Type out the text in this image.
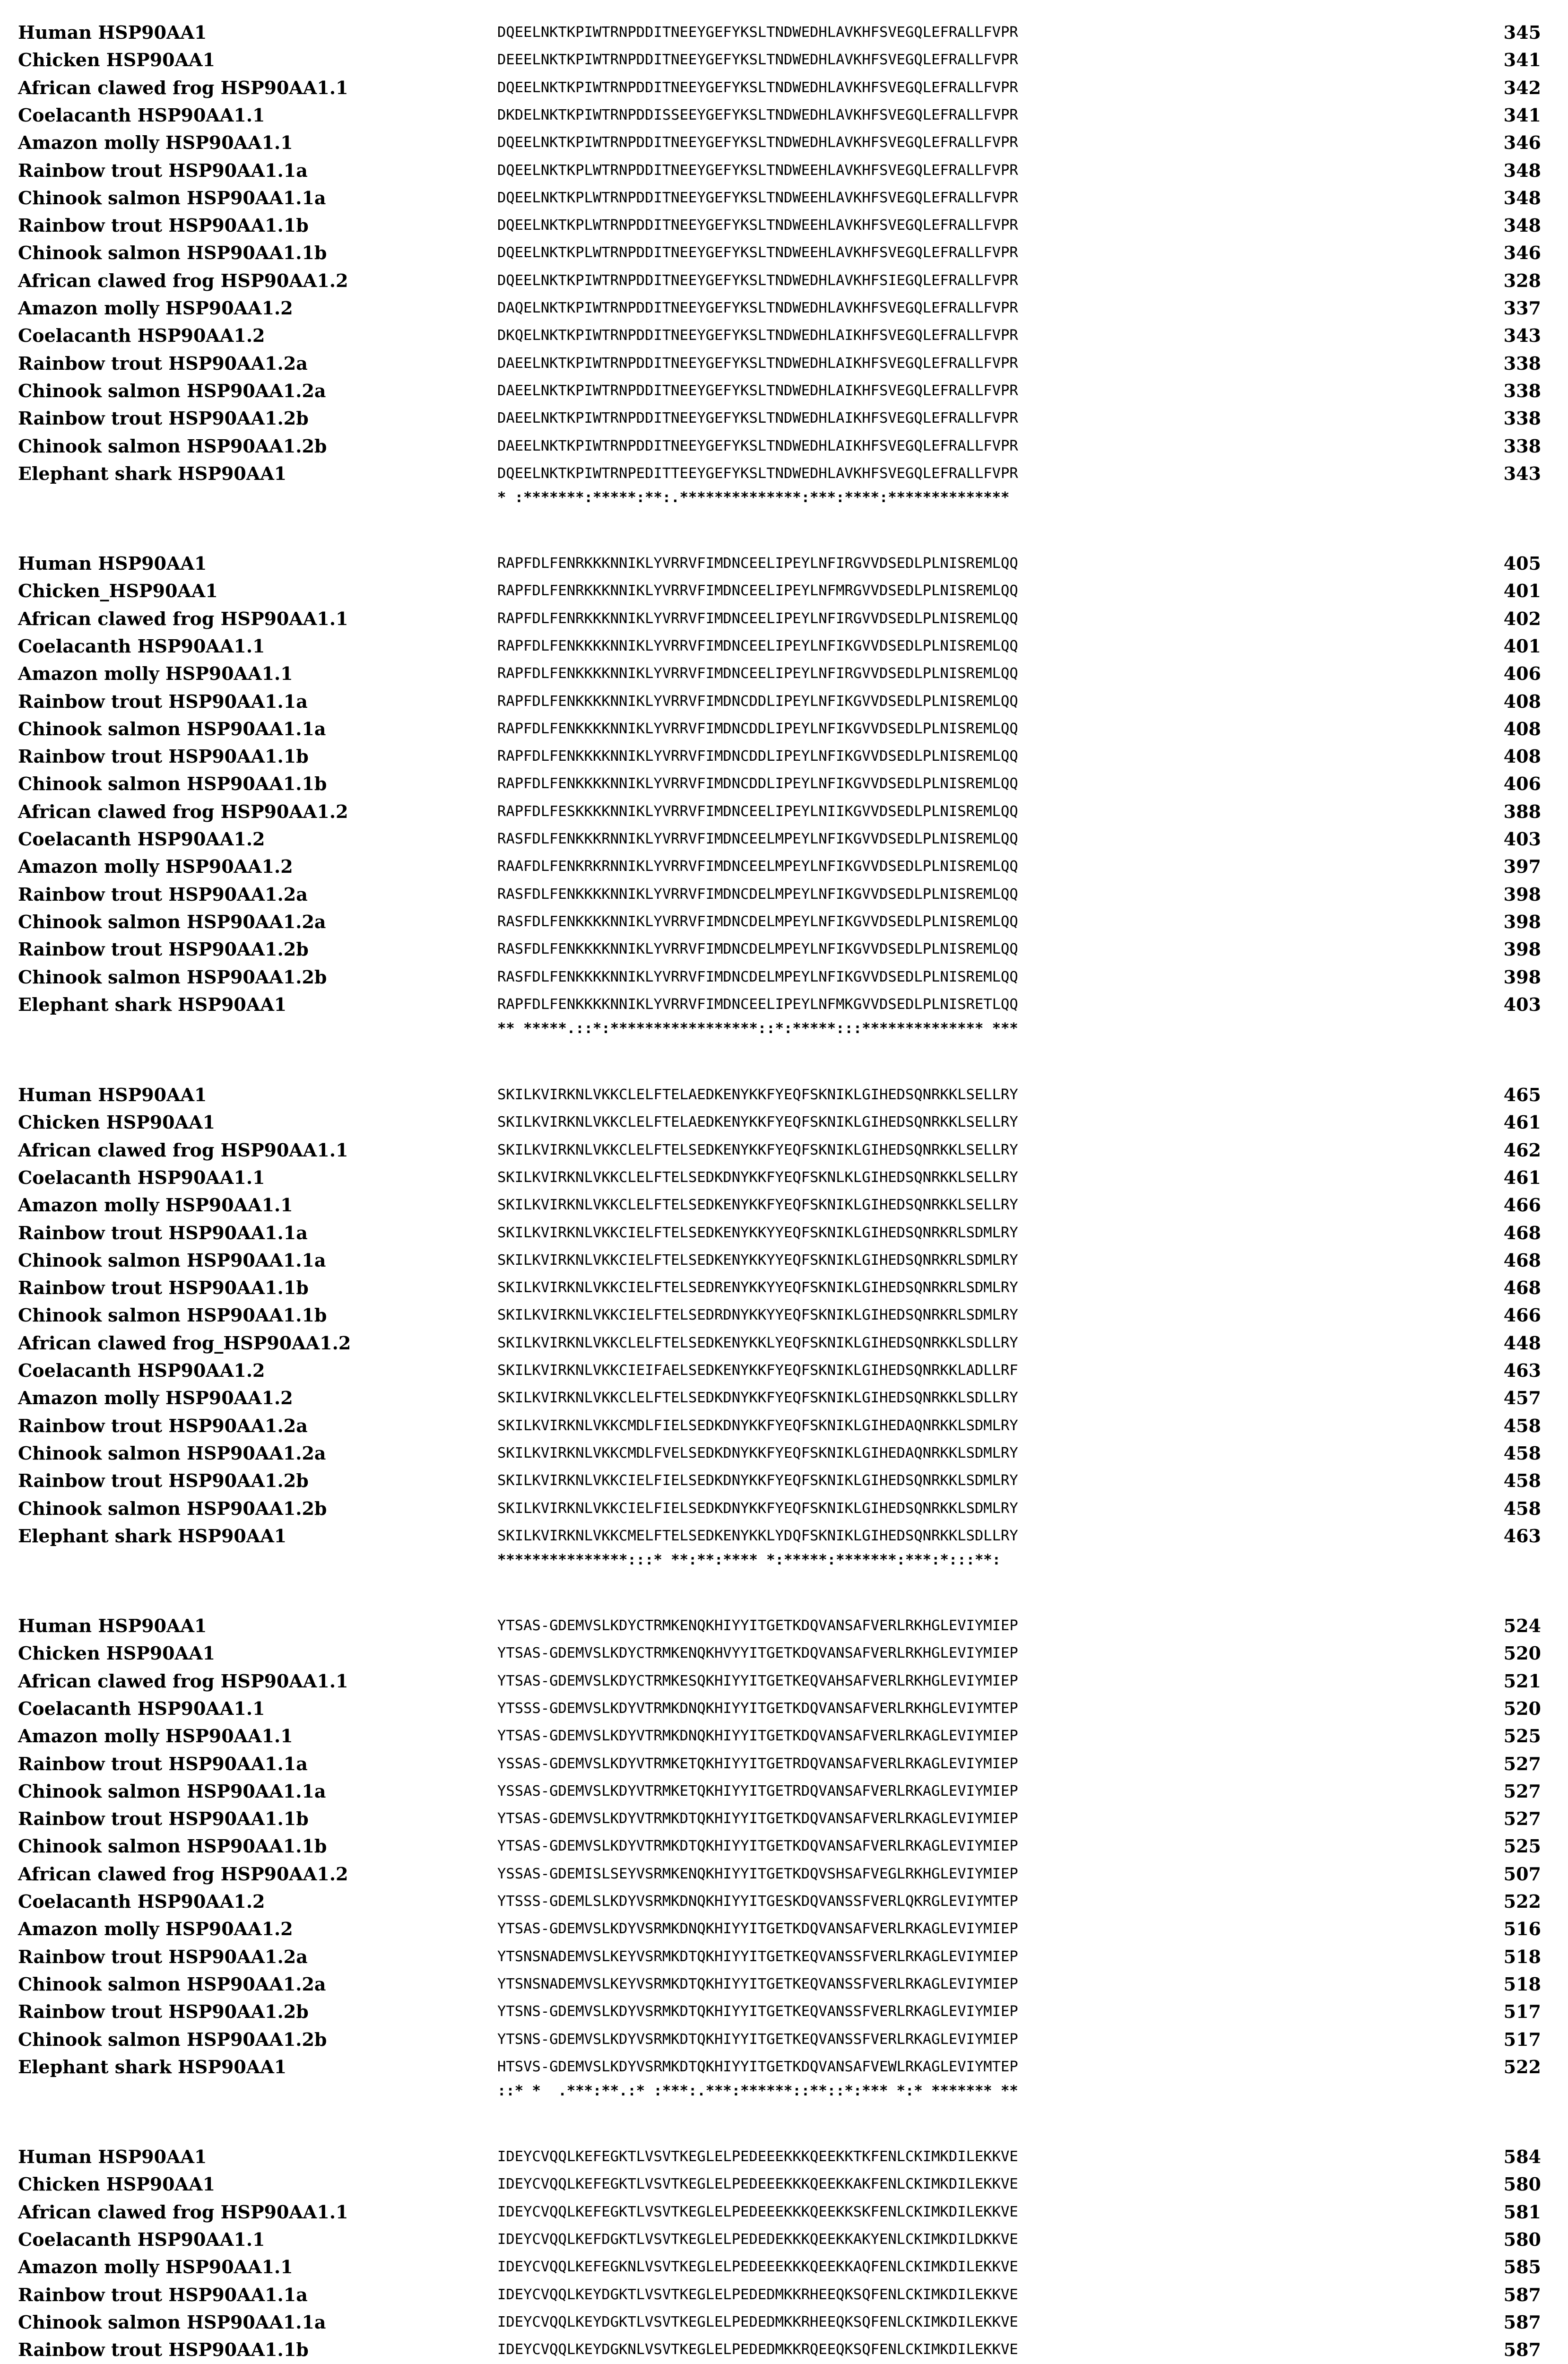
Human HSP90AA1	DQEELNKTKPIWTRNPDDITNEEYGEFYKSLTNDWEDHLAVKHFSVEGQLEFRALLFVPR	345
Chicken HSP90AA1	DEEELNKTKPIWTRNPDDITNEEYGEFYKSLTNDWEDHLAVKHFSVEGQLEFRALLFVPR	341
African clawed frog HSP90AA1.1	DQEELNKTKPIWTRNPDDITNEEYGEFYKSLTNDWEDHLAVKHFSVEGQLEFRALLFVPR	342
Coelacanth HSP90AA1.1	DKDELNKTKPIWTRNPDDISSEEYGEFYKSLTNDWEDHLAVKHFSVEGQLEFRALLFVPR	341
Amazon molly HSP90AA1.1	DQEELNKTKPIWTRNPDDITNEEYGEFYKSLTNDWEDHLAVKHFSVEGQLEFRALLFVPR	346
Rainbow trout HSP90AA1.1a	DQEELNKTKPLWTRNPDDITNEEYGEFYKSLTNDWEEHLAVKHFSVEGQLEFRALLFVPR	348
Chinook salmon HSP90AA1.1a	DQEELNKTKPLWTRNPDDITNEEYGEFYKSLTNDWEEHLAVKHFSVEGQLEFRALLFVPR	348
Rainbow trout HSP90AA1.1b	DQEELNKTKPLWTRNPDDITNEEYGEFYKSLTNDWEEHLAVKHFSVEGQLEFRALLFVPR	348
Chinook salmon HSP90AA1.1b	DQEELNKTKPLWTRNPDDITNEEYGEFYKSLTNDWEEHLAVKHFSVEGQLEFRALLFVPR	346
African clawed frog HSP90AA1.2	DQEELNKTKPIWTRNPDDITNEEYGEFYKSLTNDWEDHLAVKHFSIEGQLEFRALLFVPR	328
Amazon molly HSP90AA1.2	DAQELNKTKPIWTRNPDDITNEEYGEFYKSLTNDWEDHLAVKHFSVEGQLEFRALLFVPR	337
Coelacanth HSP90AA1.2	DKQELNKTKPIWTRNPDDITNEEYGEFYKSLTNDWEDHLAIKHFSVEGQLEFRALLFVPR	343
Rainbow trout HSP90AA1.2a	DAEELNKTKPIWTRNPDDITNEEYGEFYKSLTNDWEDHLAIKHFSVEGQLEFRALLFVPR	338
Chinook salmon HSP90AA1.2a	DAEELNKTKPIWTRNPDDITNEEYGEFYKSLTNDWEDHLAIKHFSVEGQLEFRALLFVPR	338
Rainbow trout HSP90AA1.2b	DAEELNKTKPIWTRNPDDITNEEYGEFYKSLTNDWEDHLAIKHFSVEGQLEFRALLFVPR	338
Chinook salmon HSP90AA1.2b	DAEELNKTKPIWTRNPDDITNEEYGEFYKSLTNDWEDHLAIKHFSVEGQLEFRALLFVPR	338
Elephant shark HSP90AA1	DQEELNKTKPIWTRNPEDITTEEYGEFYKSLTNDWEDHLAVKHFSVEGQLEFRALLFVPR	343
* :*******:*****:**:.**************:***:****:**************
Human HSP90AA1	RAPFDLFENRKKKNNIKLYVRRVFIMDNCEELIPEYLNFIRGVVDSEDLPLNISREMLQQ	405
Chicken_HSP90AA1	RAPFDLFENRKKKNNIKLYVRRVFIMDNCEELIPEYLNFMRGVVDSEDLPLNISREMLQQ	401
African clawed frog HSP90AA1.1	RAPFDLFENRKKKNNIKLYVRRVFIMDNCEELIPEYLNFIRGVVDSEDLPLNISREMLQQ	402
Coelacanth HSP90AA1.1	RAPFDLFENKKKKNNIKLYVRRVFIMDNCEELIPEYLNFIKGVVDSEDLPLNISREMLQQ	401
Amazon molly HSP90AA1.1	RAPFDLFENKKKKNNIKLYVRRVFIMDNCEELIPEYLNFIRGVVDSEDLPLNISREMLQQ	406
Rainbow trout HSP90AA1.1a	RAPFDLFENKKKKNNIKLYVRRVFIMDNCDDLIPEYLNFIKGVVDSEDLPLNISREMLQQ	408
Chinook salmon HSP90AA1.1a	RAPFDLFENKKKKNNIKLYVRRVFIMDNCDDLIPEYLNFIKGVVDSEDLPLNISREMLQQ	408
Rainbow trout HSP90AA1.1b	RAPFDLFENKKKKNNIKLYVRRVFIMDNCDDLIPEYLNFIKGVVDSEDLPLNISREMLQQ	408
Chinook salmon HSP90AA1.1b	RAPFDLFENKKKKNNIKLYVRRVFIMDNCDDLIPEYLNFIKGVVDSEDLPLNISREMLQQ	406
African clawed frog HSP90AA1.2	RAPFDLFESKKKKNNIKLYVRRVFIMDNCEELIPEYLNIIKGVVDSEDLPLNISREMLQQ	388
Coelacanth HSP90AA1.2	RASFDLFENKKKRNNIKLYVRRVFIMDNCEELMPEYLNFIKGVVDSEDLPLNISREMLQQ	403
Amazon molly HSP90AA1.2	RAAFDLFENKRKRNNIKLYVRRVFIMDNCEELMPEYLNFIKGVVDSEDLPLNISREMLQQ	397
Rainbow trout HSP90AA1.2a	RASFDLFENKKKKNNIKLYVRRVFIMDNCDELMPEYLNFIKGVVDSEDLPLNISREMLQQ	398
Chinook salmon HSP90AA1.2a	RASFDLFENKKKKNNIKLYVRRVFIMDNCDELMPEYLNFIKGVVDSEDLPLNISREMLQQ	398
Rainbow trout HSP90AA1.2b	RASFDLFENKKKKNNIKLYVRRVFIMDNCDELMPEYLNFIKGVVDSEDLPLNISREMLQQ	398
Chinook salmon HSP90AA1.2b	RASFDLFENKKKKNNIKLYVRRVFIMDNCDELMPEYLNFIKGVVDSEDLPLNISREMLQQ	398
Elephant shark HSP90AA1	RAPFDLFENKKKKNNIKLYVRRVFIMDNCEELIPEYLNFMKGVVDSEDLPLNISRETLQQ	403
** *****.::*:*****************::*:*****:::************** ***
Human HSP90AA1	SKILKVIRKNLVKKCLELFTELAEDKENYKKFYEQFSKNIKLGIHEDSQNRKKLSELLRY	465
Chicken HSP90AA1	SKILKVIRKNLVKKCLELFTELAEDKENYKKFYEQFSKNIKLGIHEDSQNRKKLSELLRY	461
African clawed frog HSP90AA1.1	SKILKVIRKNLVKKCLELFTELSEDKENYKKFYEQFSKNIKLGIHEDSQNRKKLSELLRY	462
Coelacanth HSP90AA1.1	SKILKVIRKNLVKKCLELFTELSEDKDNYKKFYEQFSKNLKLGIHEDSQNRKKLSELLRY	461
Amazon molly HSP90AA1.1	SKILKVIRKNLVKKCLELFTELSEDKENYKKFYEQFSKNIKLGIHEDSQNRKKLSELLRY	466
Rainbow trout HSP90AA1.1a	SKILKVIRKNLVKKCIELFTELSEDKENYKKYYEQFSKNIKLGIHEDSQNRKRLSDMLRY	468
Chinook salmon HSP90AA1.1a	SKILKVIRKNLVKKCIELFTELSEDKENYKKYYEQFSKNIKLGIHEDSQNRKRLSDMLRY	468
Rainbow trout HSP90AA1.1b	SKILKVIRKNLVKKCIELFTELSEDRENYKKYYEQFSKNIKLGIHEDSQNRKRLSDMLRY	468
Chinook salmon HSP90AA1.1b	SKILKVIRKNLVKKCIELFTELSEDRDNYKKYYEQFSKNIKLGIHEDSQNRKRLSDMLRY	466
African clawed frog_HSP90AA1.2	SKILKVIRKNLVKKCLELFTELSEDKENYKKLYEQFSKNIKLGIHEDSQNRKKLSDLLRY	448
Coelacanth HSP90AA1.2	SKILKVIRKNLVKKCIEIFAELSEDKENYKKFYEQFSKNIKLGIHEDSQNRKKLADLLRF	463
Amazon molly HSP90AA1.2	SKILKVIRKNLVKKCLELFTELSEDKDNYKKFYEQFSKNIKLGIHEDSQNRKKLSDLLRY	457
Rainbow trout HSP90AA1.2a	SKILKVIRKNLVKKCMDLFIELSEDKDNYKKFYEQFSKNIKLGIHEDAQNRKKLSDMLRY	458
Chinook salmon HSP90AA1.2a	SKILKVIRKNLVKKCMDLFVELSEDKDNYKKFYEQFSKNIKLGIHEDAQNRKKLSDMLRY	458
Rainbow trout HSP90AA1.2b	SKILKVIRKNLVKKCIELFIELSEDKDNYKKFYEQFSKNIKLGIHEDSQNRKKLSDMLRY	458
Chinook salmon HSP90AA1.2b	SKILKVIRKNLVKKCIELFIELSEDKDNYKKFYEQFSKNIKLGIHEDSQNRKKLSDMLRY	458
Elephant shark HSP90AA1	SKILKVIRKNLVKKCMELFTELSEDKENYKKLYDQFSKNIKLGIHEDSQNRKKLSDLLRY	463
***************:::* **:**:**** *:*****:*******:***:*:::**:
Human HSP90AA1	YTSAS-GDEMVSLKDYCTRMKENQKHIYYITGETKDQVANSAFVERLRKHGLEVIYMIEP	524
Chicken HSP90AA1	YTSAS-GDEMVSLKDYCTRMKENQKHVYYITGETKDQVANSAFVERLRKHGLEVIYMIEP	520
African clawed frog HSP90AA1.1	YTSAS-GDEMVSLKDYCTRMKESQKHIYYITGETKEQVAHSAFVERLRKHGLEVIYMIEP	521
Coelacanth HSP90AA1.1	YTSSS-GDEMVSLKDYVTRMKDNQKHIYYITGETKDQVANSAFVERLRKHGLEVIYMTEP	520
Amazon molly HSP90AA1.1	YTSAS-GDEMVSLKDYVTRMKDNQKHIYYITGETKDQVANSAFVERLRKAGLEVIYMIEP	525
Rainbow trout HSP90AA1.1a	YSSAS-GDEMVSLKDYVTRMKETQKHIYYITGETRDQVANSAFVERLRKAGLEVIYMIEP	527
Chinook salmon HSP90AA1.1a	YSSAS-GDEMVSLKDYVTRMKETQKHIYYITGETRDQVANSAFVERLRKAGLEVIYMIEP	527
Rainbow trout HSP90AA1.1b	YTSAS-GDEMVSLKDYVTRMKDTQKHIYYITGETKDQVANSAFVERLRKAGLEVIYMIEP	527
Chinook salmon HSP90AA1.1b	YTSAS-GDEMVSLKDYVTRMKDTQKHIYYITGETKDQVANSAFVERLRKAGLEVIYMIEP	525
African clawed frog HSP90AA1.2	YSSAS-GDEMISLSEYVSRMKENQKHIYYITGETKDQVSHSAFVEGLRKHGLEVIYMIEP	507
Coelacanth HSP90AA1.2	YTSSS-GDEMLSLKDYVSRMKDNQKHIYYITGESKDQVANSSFVERLQKRGLEVIYMTEP	522
Amazon molly HSP90AA1.2	YTSAS-GDEMVSLKDYVSRMKDNQKHIYYITGETKDQVANSAFVERLRKAGLEVIYMIEP	516
Rainbow trout HSP90AA1.2a	YTSNSNADEMVSLKEYVSRMKDTQKHIYYITGETKEQVANSSFVERLRKAGLEVIYMIEP	518
Chinook salmon HSP90AA1.2a	YTSNSNADEMVSLKEYVSRMKDTQKHIYYITGETKEQVANSSFVERLRKAGLEVIYMIEP	518
Rainbow trout HSP90AA1.2b	YTSNS-GDEMVSLKDYVSRMKDTQKHIYYITGETKEQVANSSFVERLRKAGLEVIYMIEP	517
Chinook salmon HSP90AA1.2b	YTSNS-GDEMVSLKDYVSRMKDTQKHIYYITGETKEQVANSSFVERLRKAGLEVIYMIEP	517
Elephant shark HSP90AA1	HTSVS-GDEMVSLKDYVSRMKDTQKHIYYITGETKDQVANSAFVEWLRKAGLEVIYMTEP	522
::* *  .***:**.:* :***:.***:******::**::*:*** *:* ******* **
Human HSP90AA1	IDEYCVQQLKEFEGKTLVSVTKEGLELPEDEEEKKKQEEKKTKFENLCKIMKDILEKKVE	584
Chicken HSP90AA1	IDEYCVQQLKEFEGKTLVSVTKEGLELPEDEEEKKKQEEKKAKFENLCKIMKDILEKKVE	580
African clawed frog HSP90AA1.1	IDEYCVQQLKEFEGKTLVSVTKEGLELPEDEEEKKKQEEKKSKFENLCKIMKDILEKKVE	581
Coelacanth HSP90AA1.1	IDEYCVQQLKEFDGKTLVSVTKEGLELPEDEDEKKKQEEKKAKYENLCKIMKDILDKKVE	580
Amazon molly HSP90AA1.1	IDEYCVQQLKEFEGKNLVSVTKEGLELPEDEEEKKKQEEKKAQFENLCKIMKDILEKKVE	585
Rainbow trout HSP90AA1.1a	IDEYCVQQLKEYDGKTLVSVTKEGLELPEDEDMKKRHEEQKSQFENLCKIMKDILEKKVE	587
Chinook salmon HSP90AA1.1a	IDEYCVQQLKEYDGKTLVSVTKEGLELPEDEDMKKRHEEQKSQFENLCKIMKDILEKKVE	587
Rainbow trout HSP90AA1.1b	IDEYCVQQLKEYDGKNLVSVTKEGLELPEDEDMKKRQEEQKSQFENLCKIMKDILEKKVE	587
